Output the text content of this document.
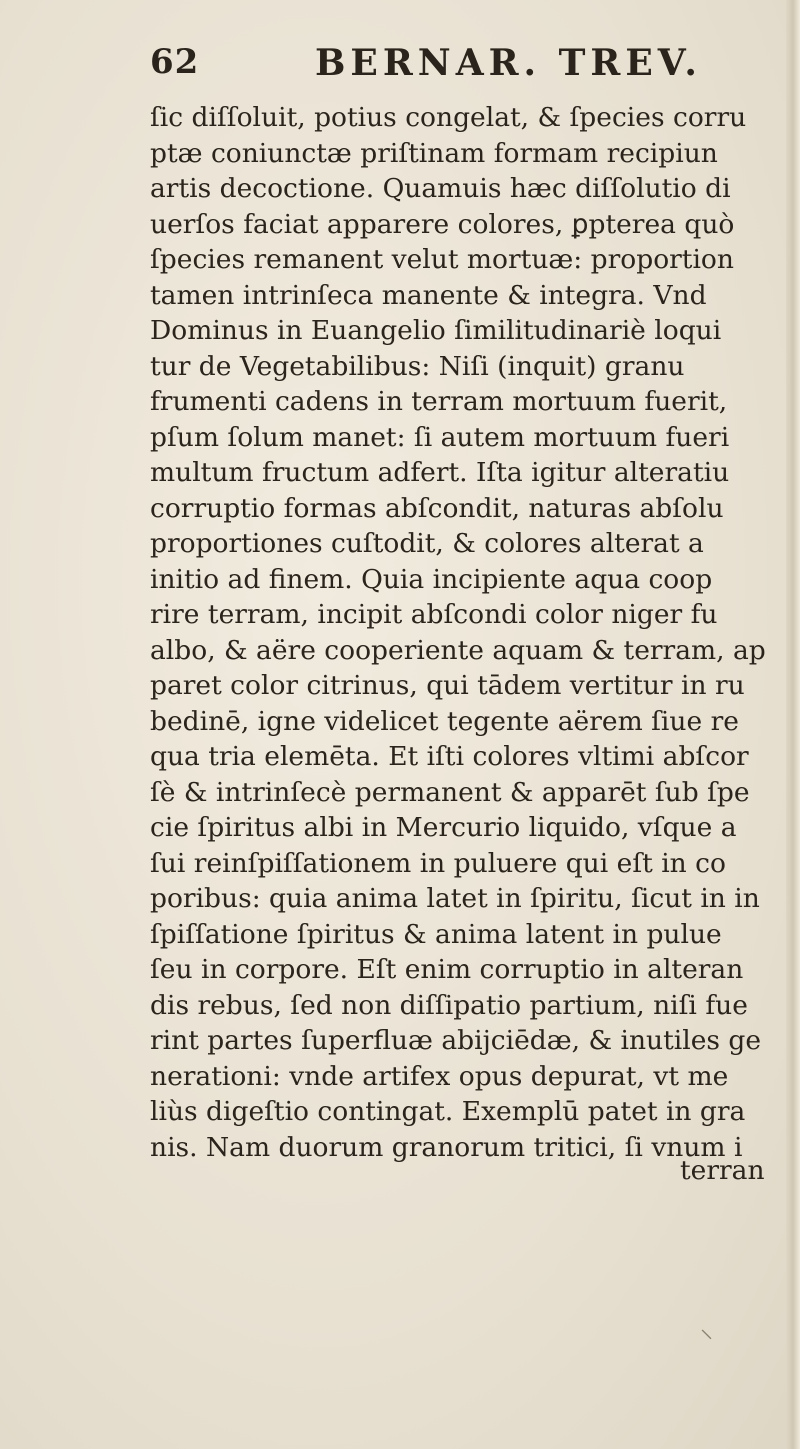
62	BERNAR. TREV.
ſic diſſoluit, potius congelat, & ſpecies corru
ptæ coniunctæ priſtinam formam recipiun
artis decoctione. Quamuis hæc diſſolutio di
uerſos faciat apparere colores, ꝑpterea quò
ſpecies remanent velut mortuæ: proportion
tamen intrinſeca manente & integra. Vnd
Dominus in Euangelio ſimilitudinariè loqui
tur de Vegetabilibus: Niſi (inquit) granu
frumenti cadens in terram mortuum fuerit,
pſum ſolum manet: ſi autem mortuum fueri
multum fructum adfert. Iſta igitur alteratiu
corruptio formas abſcondit, naturas abſolu
proportiones cuſtodit, & colores alterat a
initio ad finem. Quia incipiente aqua coop
rire terram, incipit abſcondi color niger fu
albo, & aëre cooperiente aquam & terram, ap
paret color citrinus, qui tādem vertitur in ru
bedinē, igne videlicet tegente aërem ſiue re
qua tria elemēta. Et iſti colores vltimi abſcor
ſè & intrinſecè permanent & apparēt ſub ſpe
cie ſpiritus albi in Mercurio liquido, vſque a
ſui reinſpiſſationem in puluere qui eſt in co
poribus: quia anima latet in ſpiritu, ſicut in in
ſpiſſatione ſpiritus & anima latent in pulue
ſeu in corpore. Eſt enim corruptio in alteran
dis rebus, ſed non diſſipatio partium, niſi fue
rint partes ſuperfluæ abijciēdæ, & inutiles ge
nerationi: vnde artifex opus depurat, vt me
liùs digeſtio contingat. Exemplū patet in gra
nis. Nam duorum granorum tritici, ſi vnum i
terran
⸌
